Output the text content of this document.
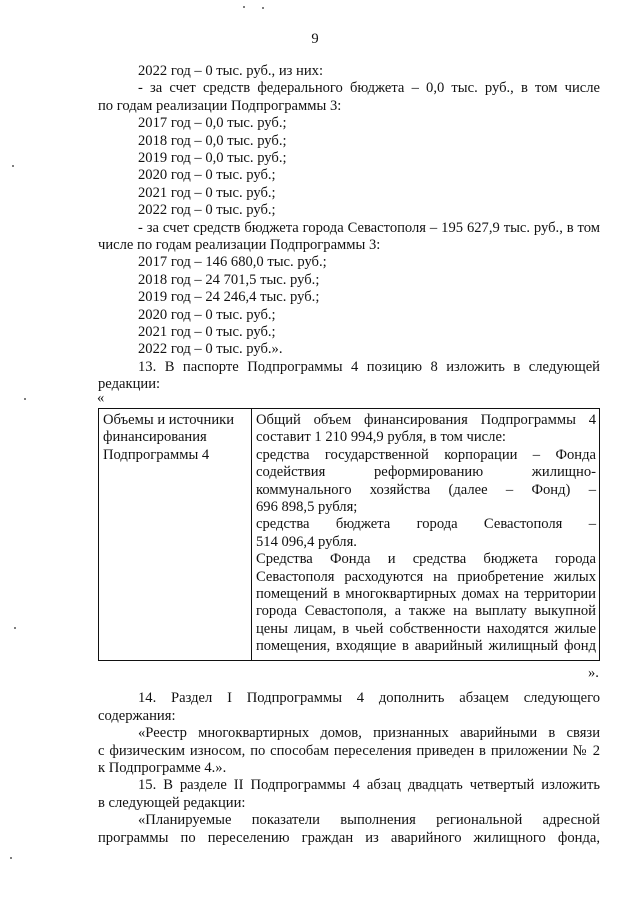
9
2022 год – 0 тыс. руб., из них:
- за счет средств федерального бюджета – 0,0 тыс. руб., в том числе
по годам реализации Подпрограммы 3:
2017 год – 0,0 тыс. руб.;
2018 год – 0,0 тыс. руб.;
2019 год – 0,0 тыс. руб.;
2020 год – 0 тыс. руб.;
2021 год – 0 тыс. руб.;
2022 год – 0 тыс. руб.;
- за счет средств бюджета города Севастополя – 195 627,9 тыс. руб., в том
числе по годам реализации Подпрограммы 3:
2017 год – 146 680,0 тыс. руб.;
2018 год – 24 701,5 тыс. руб.;
2019 год – 24 246,4 тыс. руб.;
2020 год – 0 тыс. руб.;
2021 год – 0 тыс. руб.;
2022 год – 0 тыс. руб.».
13. В паспорте Подпрограммы 4 позицию 8 изложить в следующей
редакции:
«
Объемы и источники
финансирования
Подпрограммы 4

Общий объем финансирования Подпрограммы 4
составит 1 210 994,9 рубля, в том числе:
средства государственной корпорации – Фонда
содействия реформированию жилищно-
коммунального хозяйства (далее – Фонд) –
696 898,5 рубля;
средства бюджета города Севастополя –
514 096,4 рубля.
Средства Фонда и средства бюджета города
Севастополя расходуются на приобретение жилых
помещений в многоквартирных домах на территории
города Севастополя, а также на выплату выкупной
цены лицам, в чьей собственности находятся жилые
помещения, входящие в аварийный жилищный фонд
».
14. Раздел I Подпрограммы 4 дополнить абзацем следующего
содержания:
«Реестр многоквартирных домов, признанных аварийными в связи
с физическим износом, по способам переселения приведен в приложении № 2
к Подпрограмме 4.».
15. В разделе II Подпрограммы 4 абзац двадцать четвертый изложить
в следующей редакции:
«Планируемые показатели выполнения региональной адресной
программы по переселению граждан из аварийного жилищного фонда,
